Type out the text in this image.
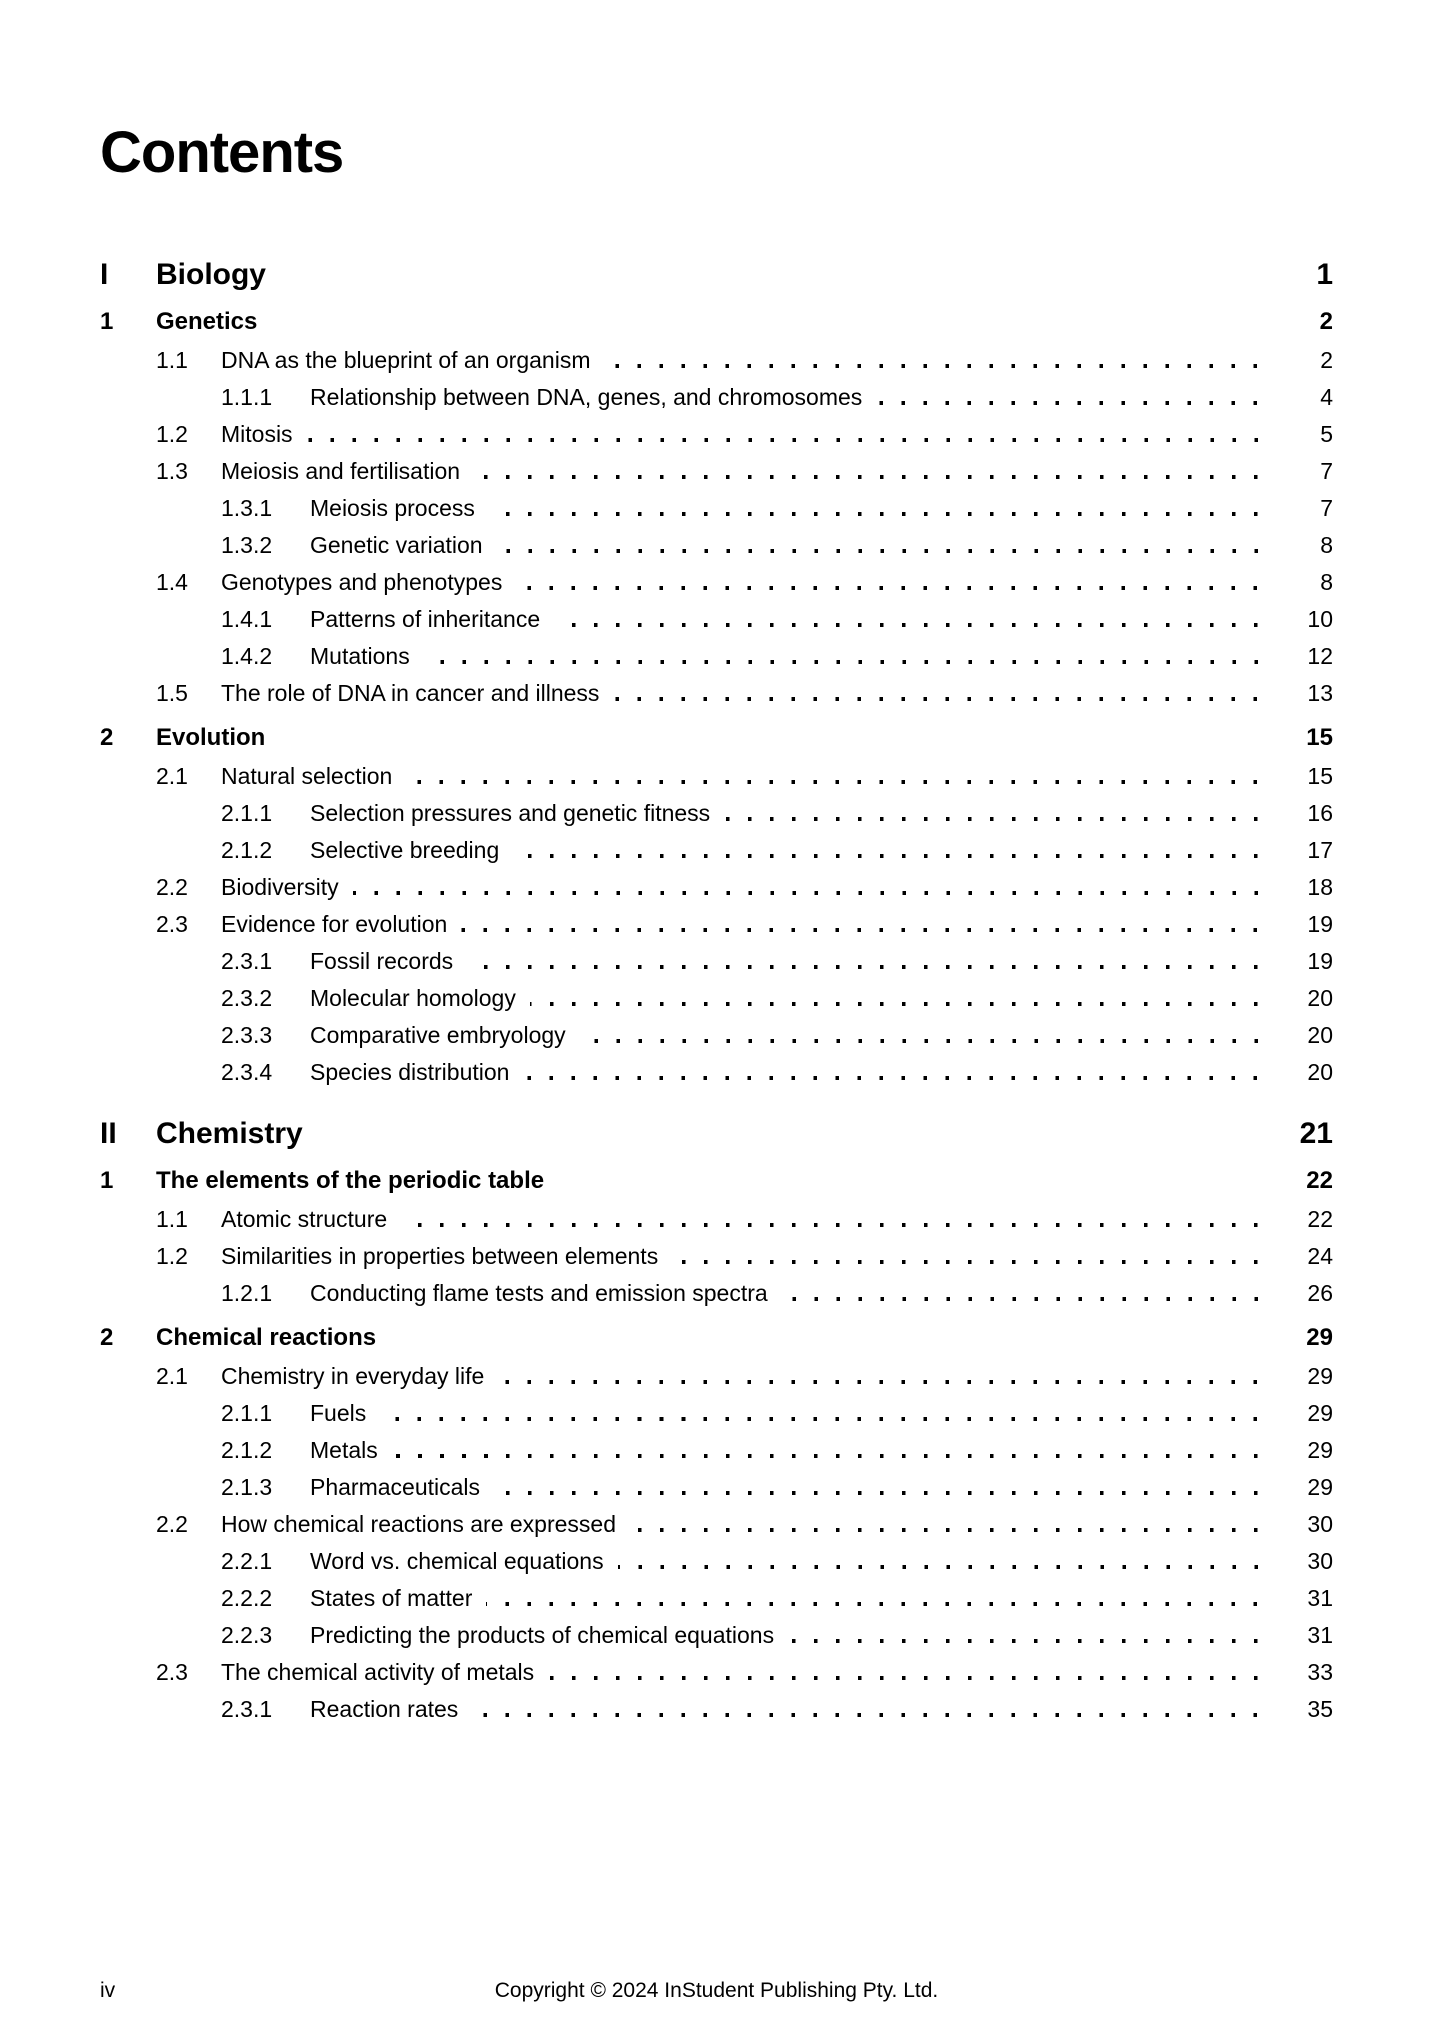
Contents
I	Biology	1
1	Genetics	2
1.1	DNA as the blueprint of an organism	2
1.1.1	Relationship between DNA, genes, and chromosomes	4
1.2	Mitosis	5
1.3	Meiosis and fertilisation	7
1.3.1	Meiosis process	7
1.3.2	Genetic variation	8
1.4	Genotypes and phenotypes	8
1.4.1	Patterns of inheritance	10
1.4.2	Mutations	12
1.5	The role of DNA in cancer and illness	13
2	Evolution	15
2.1	Natural selection	15
2.1.1	Selection pressures and genetic fitness	16
2.1.2	Selective breeding	17
2.2	Biodiversity	18
2.3	Evidence for evolution	19
2.3.1	Fossil records	19
2.3.2	Molecular homology	20
2.3.3	Comparative embryology	20
2.3.4	Species distribution	20
II	Chemistry	21
1	The elements of the periodic table	22
1.1	Atomic structure	22
1.2	Similarities in properties between elements	24
1.2.1	Conducting flame tests and emission spectra	26
2	Chemical reactions	29
2.1	Chemistry in everyday life	29
2.1.1	Fuels	29
2.1.2	Metals	29
2.1.3	Pharmaceuticals	29
2.2	How chemical reactions are expressed	30
2.2.1	Word vs. chemical equations	30
2.2.2	States of matter	31
2.2.3	Predicting the products of chemical equations	31
2.3	The chemical activity of metals	33
2.3.1	Reaction rates	35
iv	Copyright © 2024 InStudent Publishing Pty. Ltd.
